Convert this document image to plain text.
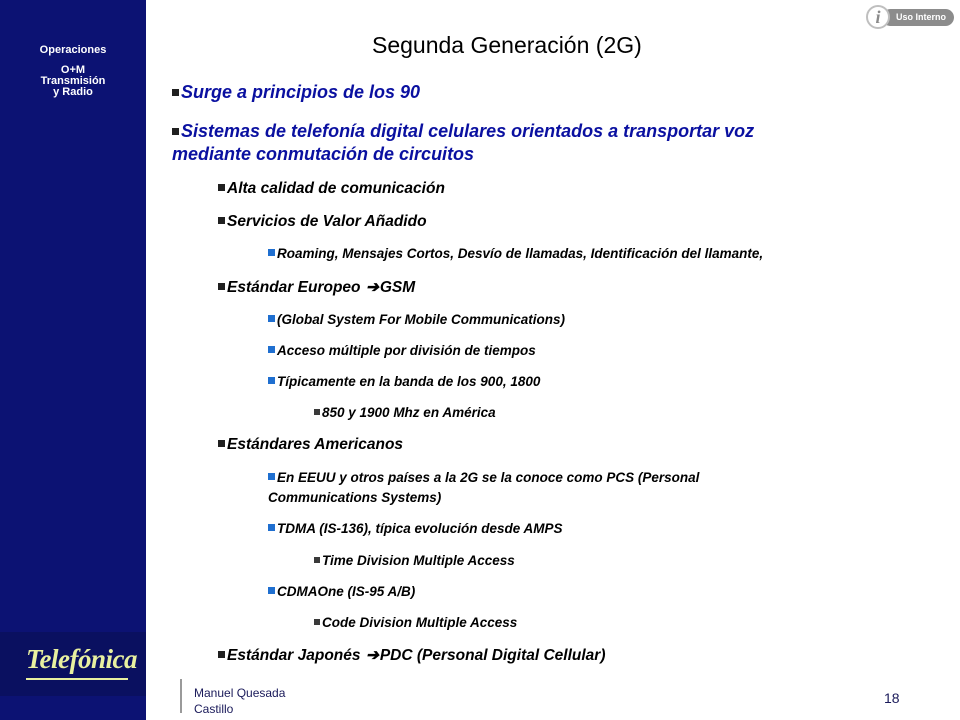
Operaciones
O+M
Transmisión
y Radio
Telefónica
Uso Interno
i
Segunda Generación (2G)
Surge a principios de los 90
Sistemas de telefonía digital celulares orientados a transportar voz
mediante conmutación de circuitos
Alta calidad de comunicación
Servicios de Valor Añadido
Roaming, Mensajes Cortos, Desvío de llamadas, Identificación del llamante,
Estándar Europeo ➔GSM
(Global System For Mobile Communications)
Acceso múltiple por división de tiempos
Típicamente en la banda de los 900, 1800
850 y 1900 Mhz en América
Estándares Americanos
En EEUU y otros países a la 2G se la conoce como PCS (Personal
Communications Systems)
TDMA (IS-136), típica evolución desde AMPS
Time Division Multiple Access
CDMAOne (IS-95 A/B)
Code Division Multiple Access
Estándar Japonés ➔PDC (Personal Digital Cellular)
Manuel Quesada
Castillo
18
